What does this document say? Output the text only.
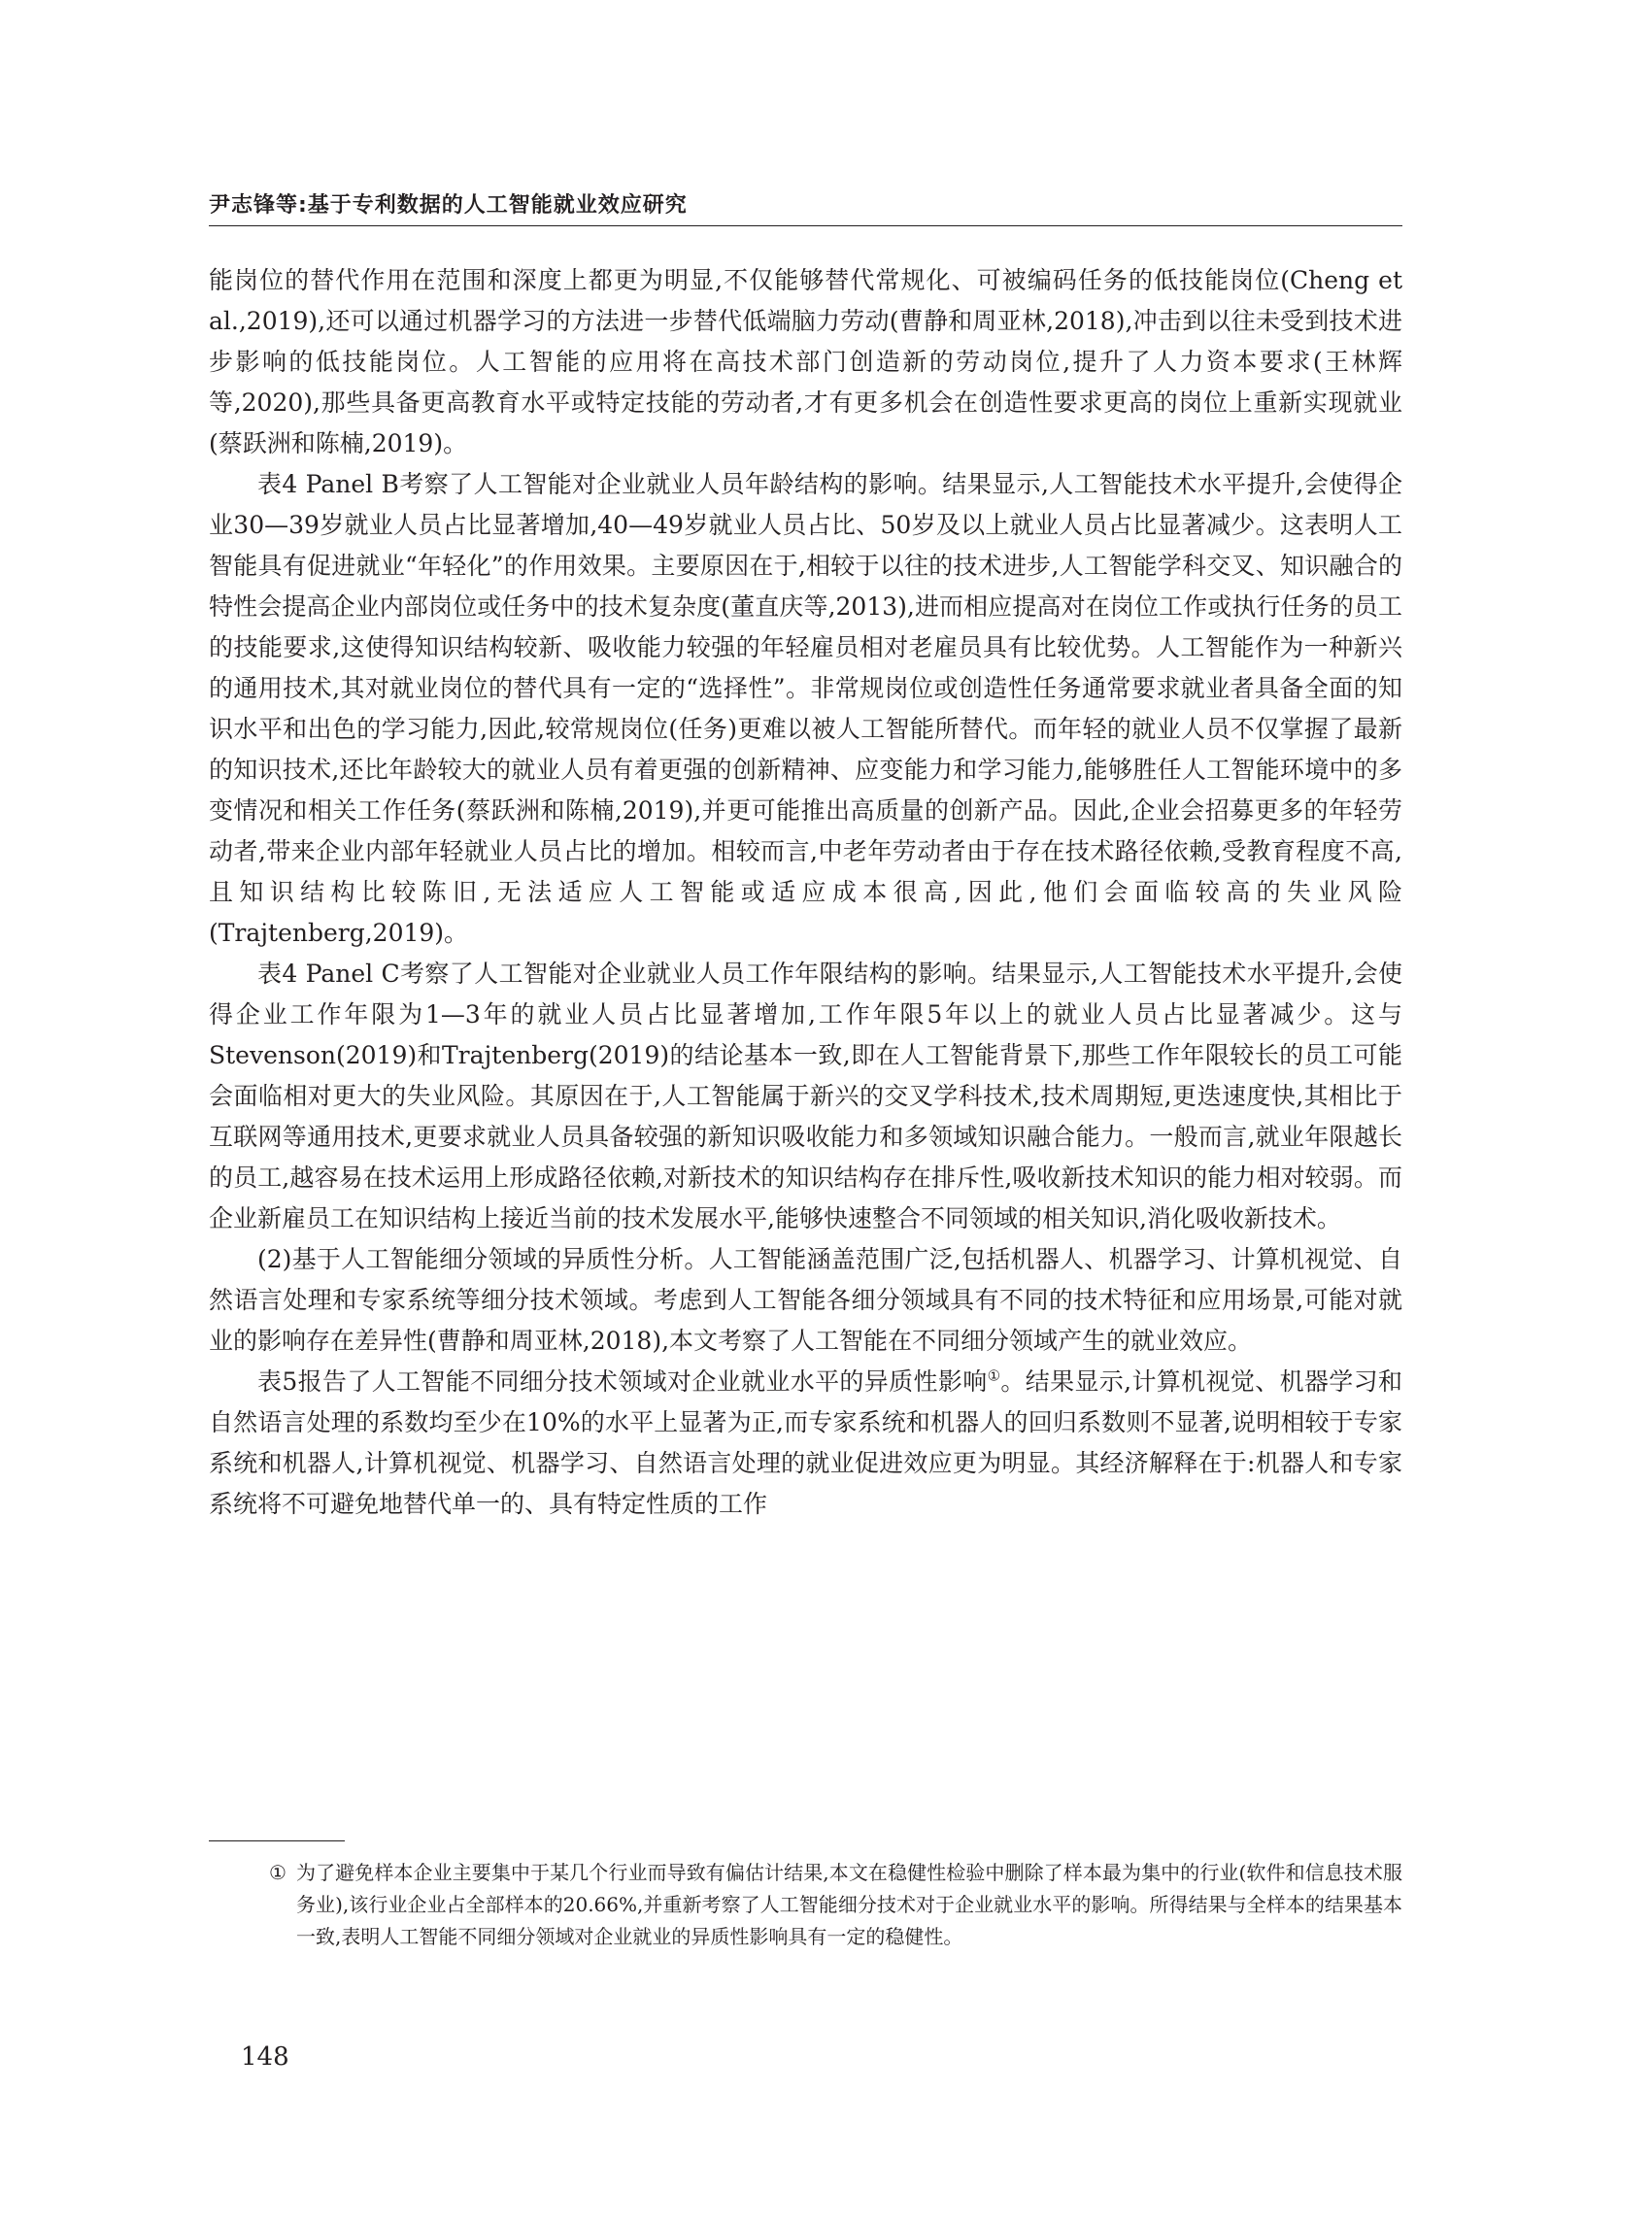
尹志锋等:基于专利数据的人工智能就业效应研究

能岗位的替代作用在范围和深度上都更为明显,不仅能够替代常规化、可被编码任务的低技能岗位(Cheng et al.,2019),还可以通过机器学习的方法进一步替代低端脑力劳动(曹静和周亚林,2018),冲击到以往未受到技术进步影响的低技能岗位。人工智能的应用将在高技术部门创造新的劳动岗位,提升了人力资本要求(王林辉等,2020),那些具备更高教育水平或特定技能的劳动者,才有更多机会在创造性要求更高的岗位上重新实现就业(蔡跃洲和陈楠,2019)。

表4 Panel B考察了人工智能对企业就业人员年龄结构的影响。结果显示,人工智能技术水平提升,会使得企业30—39岁就业人员占比显著增加,40—49岁就业人员占比、50岁及以上就业人员占比显著减少。这表明人工智能具有促进就业“年轻化”的作用效果。主要原因在于,相较于以往的技术进步,人工智能学科交叉、知识融合的特性会提高企业内部岗位或任务中的技术复杂度(董直庆等,2013),进而相应提高对在岗位工作或执行任务的员工的技能要求,这使得知识结构较新、吸收能力较强的年轻雇员相对老雇员具有比较优势。人工智能作为一种新兴的通用技术,其对就业岗位的替代具有一定的“选择性”。非常规岗位或创造性任务通常要求就业者具备全面的知识水平和出色的学习能力,因此,较常规岗位(任务)更难以被人工智能所替代。而年轻的就业人员不仅掌握了最新的知识技术,还比年龄较大的就业人员有着更强的创新精神、应变能力和学习能力,能够胜任人工智能环境中的多变情况和相关工作任务(蔡跃洲和陈楠,2019),并更可能推出高质量的创新产品。因此,企业会招募更多的年轻劳动者,带来企业内部年轻就业人员占比的增加。相较而言,中老年劳动者由于存在技术路径依赖,受教育程度不高,且知识结构比较陈旧,无法适应人工智能或适应成本很高,因此,他们会面临较高的失业风险(Trajtenberg,2019)。

表4 Panel C考察了人工智能对企业就业人员工作年限结构的影响。结果显示,人工智能技术水平提升,会使得企业工作年限为1—3年的就业人员占比显著增加,工作年限5年以上的就业人员占比显著减少。这与Stevenson(2019)和Trajtenberg(2019)的结论基本一致,即在人工智能背景下,那些工作年限较长的员工可能会面临相对更大的失业风险。其原因在于,人工智能属于新兴的交叉学科技术,技术周期短,更迭速度快,其相比于互联网等通用技术,更要求就业人员具备较强的新知识吸收能力和多领域知识融合能力。一般而言,就业年限越长的员工,越容易在技术运用上形成路径依赖,对新技术的知识结构存在排斥性,吸收新技术知识的能力相对较弱。而企业新雇员工在知识结构上接近当前的技术发展水平,能够快速整合不同领域的相关知识,消化吸收新技术。

(2)基于人工智能细分领域的异质性分析。人工智能涵盖范围广泛,包括机器人、机器学习、计算机视觉、自然语言处理和专家系统等细分技术领域。考虑到人工智能各细分领域具有不同的技术特征和应用场景,可能对就业的影响存在差异性(曹静和周亚林,2018),本文考察了人工智能在不同细分领域产生的就业效应。

表5报告了人工智能不同细分技术领域对企业就业水平的异质性影响①。结果显示,计算机视觉、机器学习和自然语言处理的系数均至少在10%的水平上显著为正,而专家系统和机器人的回归系数则不显著,说明相较于专家系统和机器人,计算机视觉、机器学习、自然语言处理的就业促进效应更为明显。其经济解释在于:机器人和专家系统将不可避免地替代单一的、具有特定性质的工作

① 为了避免样本企业主要集中于某几个行业而导致有偏估计结果,本文在稳健性检验中删除了样本最为集中的行业(软件和信息技术服务业),该行业企业占全部样本的20.66%,并重新考察了人工智能细分技术对于企业就业水平的影响。所得结果与全样本的结果基本一致,表明人工智能不同细分领域对企业就业的异质性影响具有一定的稳健性。
148
